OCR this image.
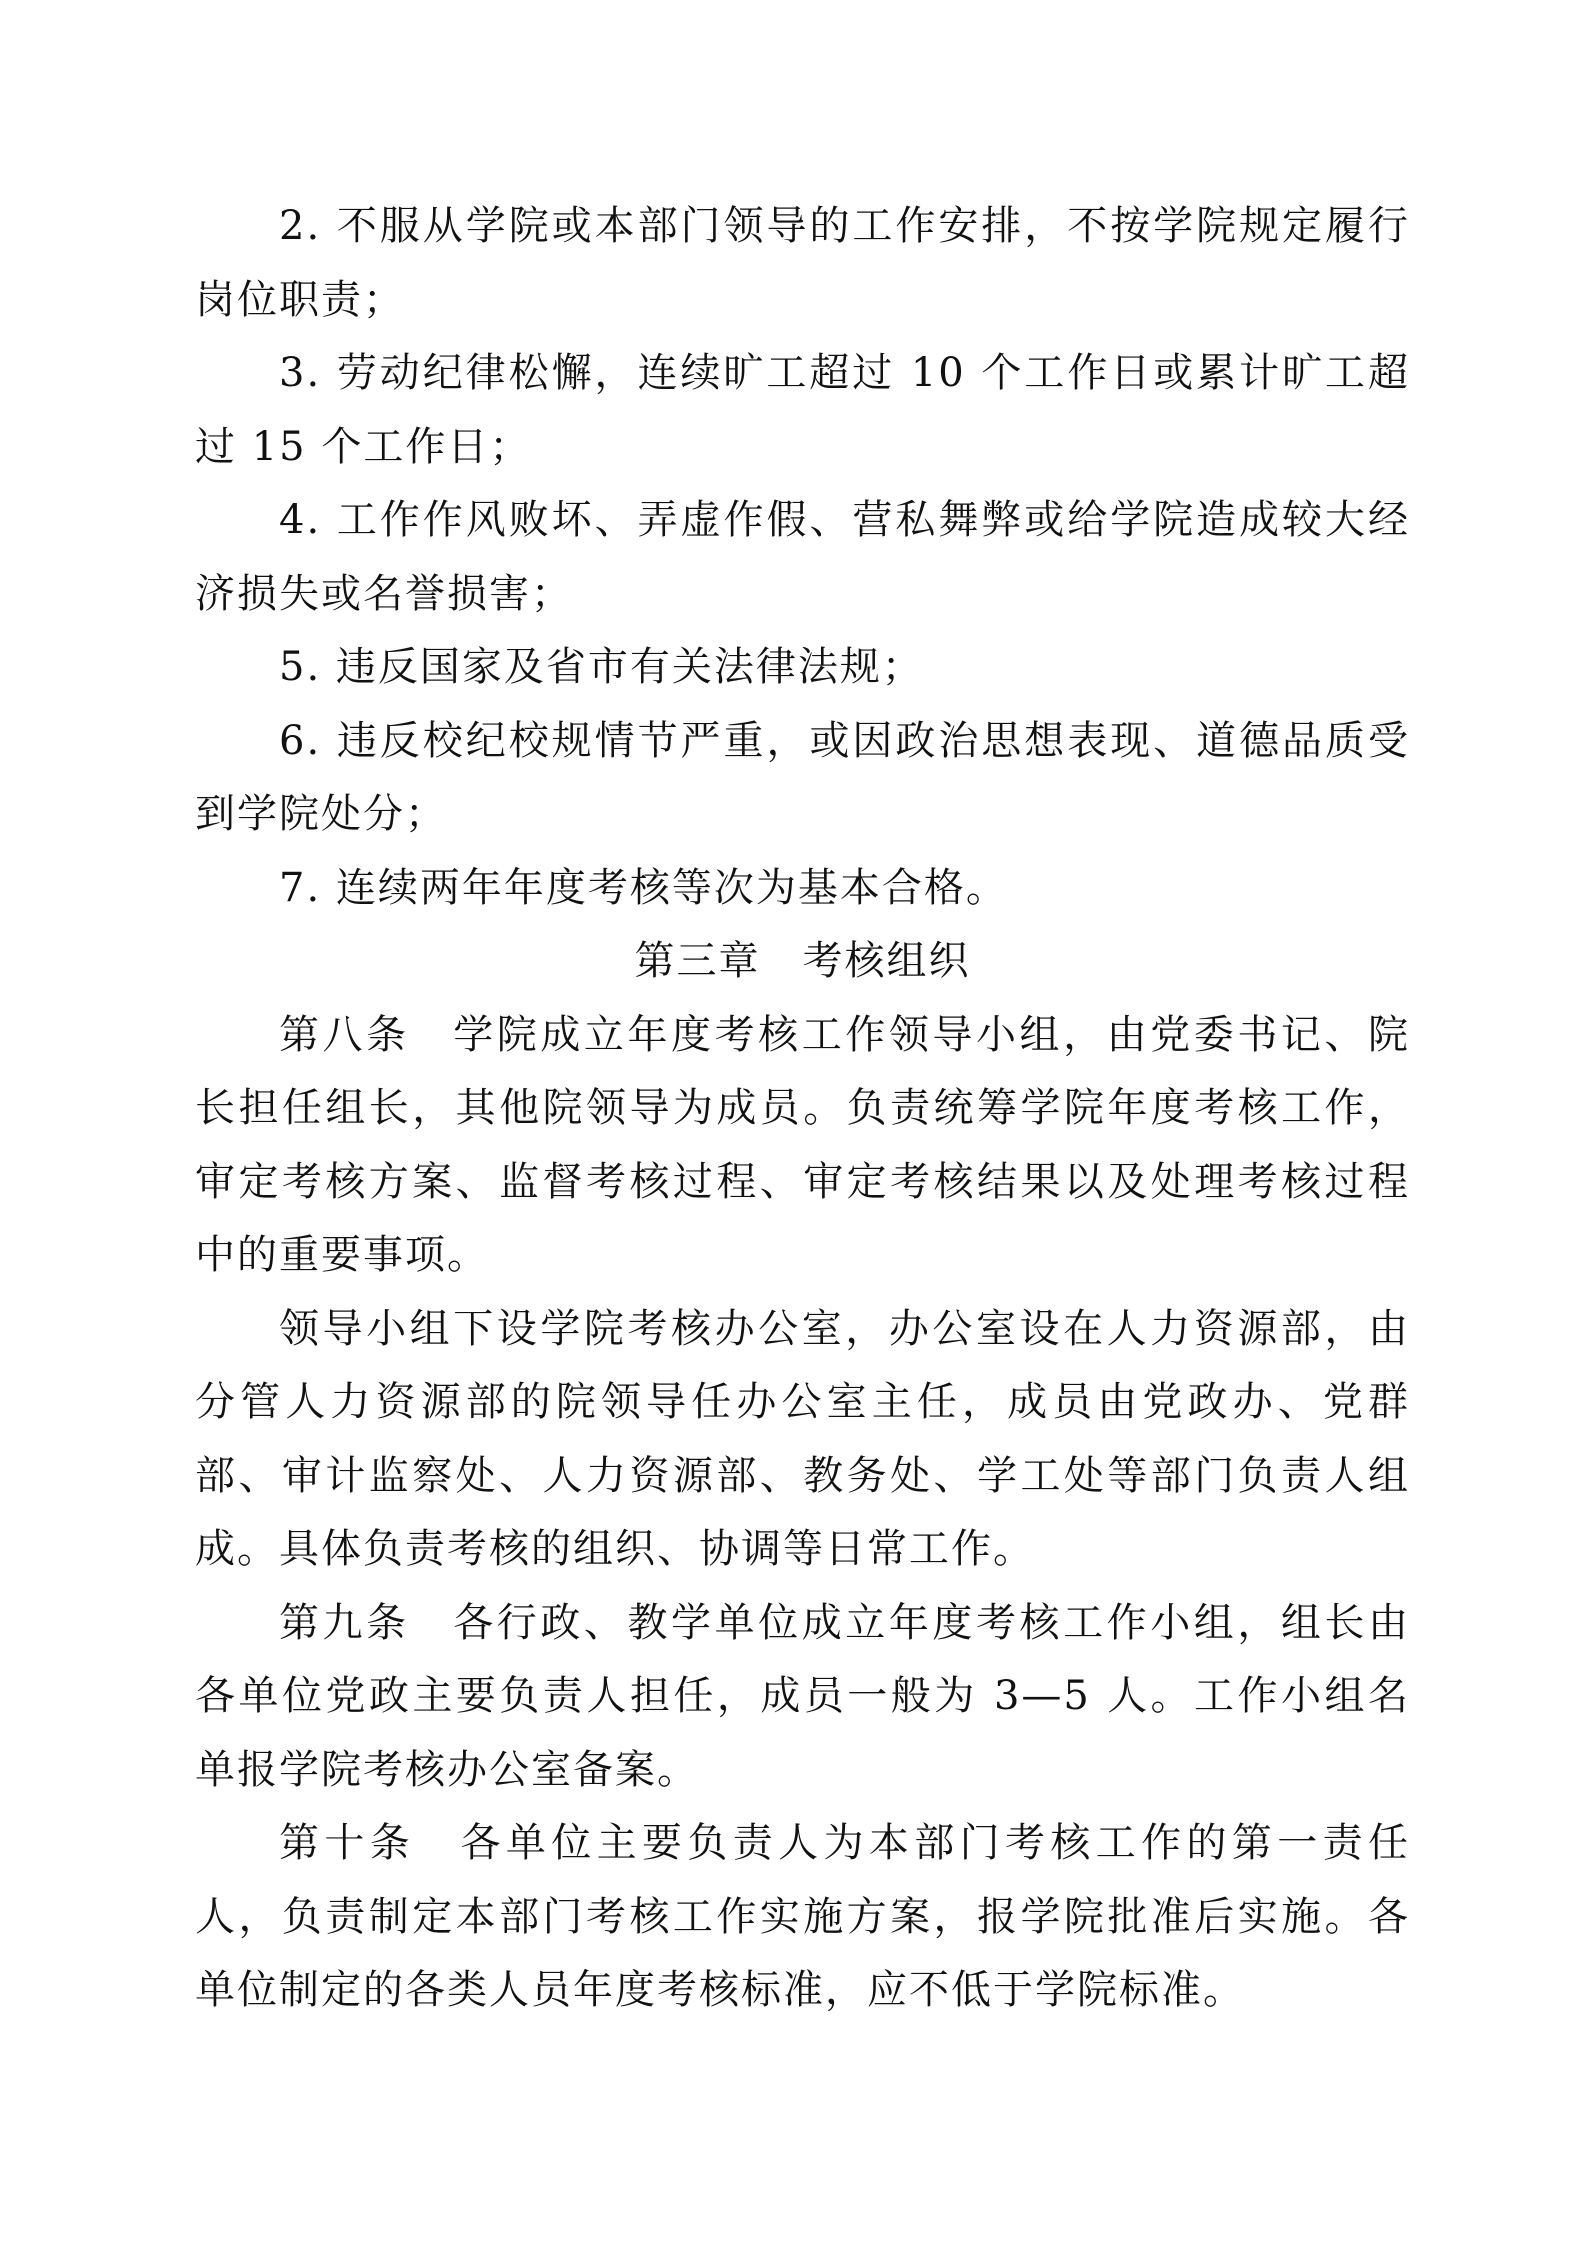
2. 不服从学院或本部门领导的工作安排，不按学院规定履行岗位职责；

3. 劳动纪律松懈，连续旷工超过 10 个工作日或累计旷工超过 15 个工作日；

4. 工作作风败坏、弄虚作假、营私舞弊或给学院造成较大经济损失或名誉损害；

5. 违反国家及省市有关法律法规；

6. 违反校纪校规情节严重，或因政治思想表现、道德品质受到学院处分；

7. 连续两年年度考核等次为基本合格。

第三章　考核组织

第八条　学院成立年度考核工作领导小组，由党委书记、院长担任组长，其他院领导为成员。负责统筹学院年度考核工作，审定考核方案、监督考核过程、审定考核结果以及处理考核过程中的重要事项。

领导小组下设学院考核办公室，办公室设在人力资源部，由分管人力资源部的院领导任办公室主任，成员由党政办、党群部、审计监察处、人力资源部、教务处、学工处等部门负责人组成。具体负责考核的组织、协调等日常工作。

第九条　各行政、教学单位成立年度考核工作小组，组长由各单位党政主要负责人担任，成员一般为 3—5 人。工作小组名单报学院考核办公室备案。

第十条　各单位主要负责人为本部门考核工作的第一责任人，负责制定本部门考核工作实施方案，报学院批准后实施。各单位制定的各类人员年度考核标准，应不低于学院标准。
